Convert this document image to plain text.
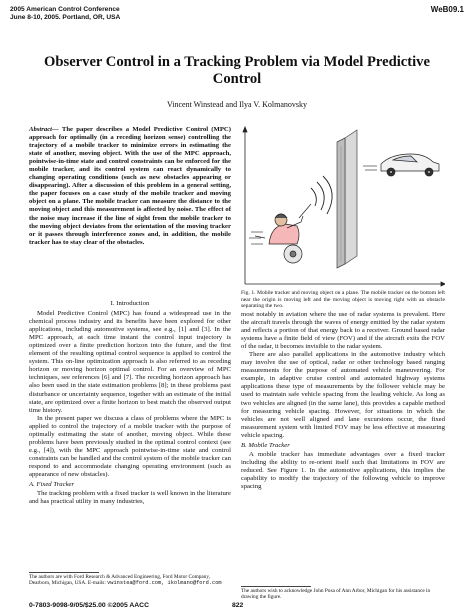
2005 American Control Conference
June 8-10, 2005. Portland, OR, USA
WeB09.1
Observer Control in a Tracking Problem via Model Predictive Control
Vincent Winstead and Ilya V. Kolmanovsky
Abstract— The paper describes a Model Predictive Control (MPC) approach for optimally (in a receding horizon sense) controlling the trajectory of a mobile tracker to minimize errors in estimating the state of another, moving object. With the use of the MPC approach, pointwise-in-time state and control constraints can be enforced for the mobile tracker, and its control system can react dynamically to changing operating conditions (such as new obstacles appearing or disappearing). After a discussion of this problem in a general setting, the paper focuses on a case study of the mobile tracker and moving object on a plane. The mobile tracker can measure the distance to the moving object and this measurement is affected by noise. The effect of the noise may increase if the line of sight from the mobile tracker to the moving object deviates from the orientation of the moving tracker or it passes through interference zones and, in addition, the mobile tracker has to stay clear of the obstacles.
I. Introduction

Model Predictive Control (MPC) has found a widespread use in the chemical process industry and its benefits have been explored for other applications, including automotive systems, see e.g., [1] and [3]. In the MPC approach, at each time instant the control input trajectory is optimized over a finite prediction horizon into the future, and the first element of the resulting optimal control sequence is applied to control the system. This on-line optimization approach is also referred to as receding horizon or moving horizon optimal control. For an overview of MPC techniques, see references [6] and [7]. The receding horizon approach has also been used in the state estimation problems [8]; in these problems past disturbance or uncertainty sequence, together with an estimate of the initial state, are optimized over a finite horizon to best match the observed output time history.

In the present paper we discuss a class of problems where the MPC is applied to control the trajectory of a mobile tracker with the purpose of optimally estimating the state of another, moving object. While these problems have been previously studied in the optimal control context (see e.g., [4]), with the MPC approach pointwise-in-time state and control constraints can be handled and the control system of the mobile tracker can respond to and accommodate changing operating environment (such as appearance of new obstacles).

A. Fixed Tracker

The tracking problem with a fixed tracker is well known in the literature and has practical utility in many industries,

The authors are with Ford Research & Advanced Engineering, Ford Motor Company, Dearborn, Michigan, USA. E-mails: vwinstea@ford.com, ikolmano@ford.com
Fig. 1. Mobile tracker and moving object on a plane. The mobile tracker on the bottom left near the origin is moving left and the moving object is moving right with an obstacle separating the two.

most notably in aviation where the use of radar systems is prevalent. Here the aircraft travels through the waves of energy emitted by the radar system and reflects a portion of that energy back to a receiver. Ground based radar systems have a finite field of view (FOV) and if the aircraft exits the FOV of the radar, it becomes invisible to the radar system.

There are also parallel applications in the automotive industry which may involve the use of optical, radar or other technology based ranging measurements for the purpose of automated vehicle maneuvering. For example, in adaptive cruise control and automated highway systems applications these type of measurements by the follower vehicle may be used to maintain safe vehicle spacing from the leading vehicle. As long as two vehicles are aligned (in the same lane), this provides a capable method for measuring vehicle spacing. However, for situations in which the vehicles are not well aligned and lane excursions occur, the fixed measurement system with limited FOV may be less effective at measuring vehicle spacing.

B. Mobile Tracker

A mobile tracker has immediate advantages over a fixed tracker including the ability to re-orient itself such that limitations in FOV are reduced. See Figure 1. In the automotive applications, this implies the capability to modify the trajectory of the following vehicle to improve spacing

The authors wish to acknowledge John Posa of Ann Arbor, Michigan for his assistance in drawing the figure.
0-7803-9098-9/05/$25.00 ©2005 AACC	822
